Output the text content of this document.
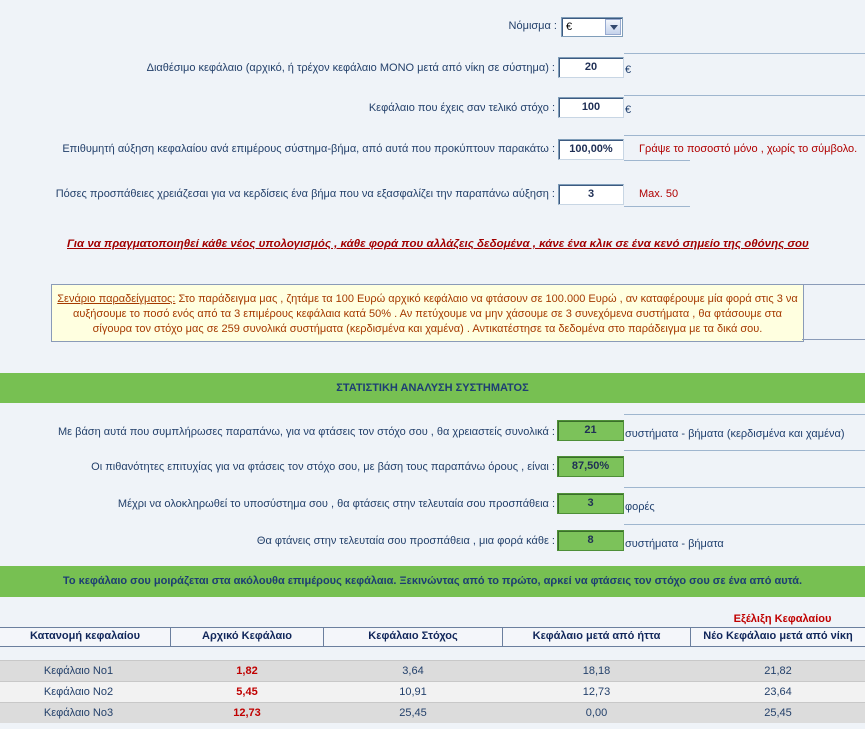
Νόμισμα : €
Διαθέσιμο κεφάλαιο (αρχικό, ή τρέχον κεφάλαιο ΜΟΝΟ μετά από νίκη σε σύστημα) :	20	€
Κεφάλαιο που έχεις σαν τελικό στόχο :	100	€
Επιθυμητή αύξηση κεφαλαίου ανά επιμέρους σύστημα-βήμα, από αυτά που προκύπτουν παρακάτω :	100,00%	Γράψε το ποσοστό μόνο , χωρίς το σύμβολο.
Πόσες προσπάθειες χρειάζεσαι για να κερδίσεις ένα βήμα που να εξασφαλίζει την παραπάνω αύξηση :	3	Max. 50
Για να πραγματοποιηθεί κάθε νέος υπολογισμός , κάθε φορά που αλλάζεις δεδομένα , κάνε ένα κλικ σε ένα κενό σημείο της οθόνης σου
Σενάριο παραδείγματος: Στο παράδειγμα μας , ζητάμε τα 100 Ευρώ αρχικό κεφάλαιο να φτάσουν σε 100.000 Ευρώ , αν καταφέρουμε μία φορά στις 3 να
αυξήσουμε το ποσό ενός από τα 3 επιμέρους κεφάλαια κατά 50% . Αν πετύχουμε να μην χάσουμε σε 3 συνεχόμενα συστήματα , θα φτάσουμε στα
σίγουρα τον στόχο μας σε 259 συνολικά συστήματα (κερδισμένα και χαμένα) . Αντικατέστησε τα δεδομένα στο παράδειγμα με τα δικά σου.
ΣΤΑΤΙΣΤΙΚΗ ΑΝΑΛΥΣΗ ΣΥΣΤΗΜΑΤΟΣ
Με βάση αυτά που συμπλήρωσες παραπάνω, για να φτάσεις τον στόχο σου , θα χρειαστείς συνολικά :	21	συστήματα - βήματα (κερδισμένα και χαμένα)
Οι πιθανότητες επιτυχίας για να φτάσεις τον στόχο σου, με βάση τους παραπάνω όρους , είναι :	87,50%
Μέχρι να ολοκληρωθεί το υποσύστημα σου , θα φτάσεις στην τελευταία σου προσπάθεια :	3	φορές
Θα φτάνεις στην τελευταία σου προσπάθεια , μια φορά κάθε :	8	συστήματα - βήματα
Το κεφάλαιο σου μοιράζεται στα ακόλουθα επιμέρους κεφάλαια. Ξεκινώντας από το πρώτο, αρκεί να φτάσεις τον στόχο σου σε ένα από αυτά.
Εξέλιξη Κεφαλαίου
Κατανομή κεφαλαίου	Αρχικό Κεφάλαιο	Κεφάλαιο Στόχος	Κεφάλαιο μετά από ήττα	Νέο Κεφάλαιο μετά από νίκη
Κεφάλαιο Νο1	1,82	3,64	18,18	21,82
Κεφάλαιο Νο2	5,45	10,91	12,73	23,64
Κεφάλαιο Νο3	12,73	25,45	0,00	25,45
